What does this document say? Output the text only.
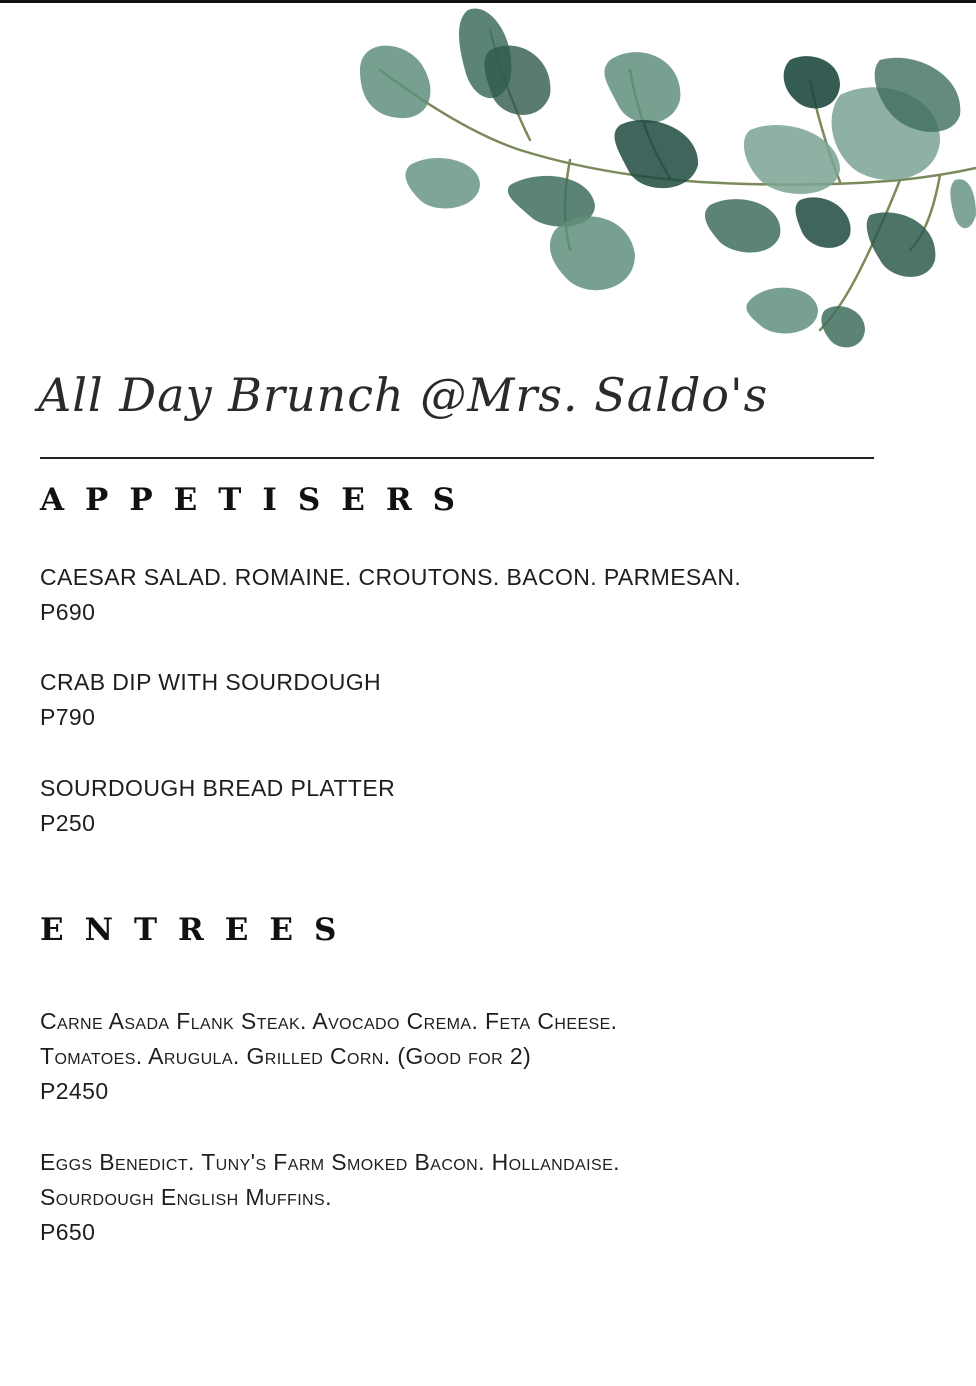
All Day Brunch @Mrs. Saldo's
APPETISERS
CAESAR SALAD. ROMAINE. CROUTONS. BACON. PARMESAN.
P690
CRAB DIP WITH SOURDOUGH
P790
SOURDOUGH BREAD PLATTER
P250
ENTREES
Carne Asada Flank Steak. Avocado Crema. Feta Cheese.
Tomatoes. Arugula. Grilled Corn. (Good for 2)
P2450
Eggs Benedict. Tuny's Farm Smoked Bacon. Hollandaise.
Sourdough English Muffins.
P650
